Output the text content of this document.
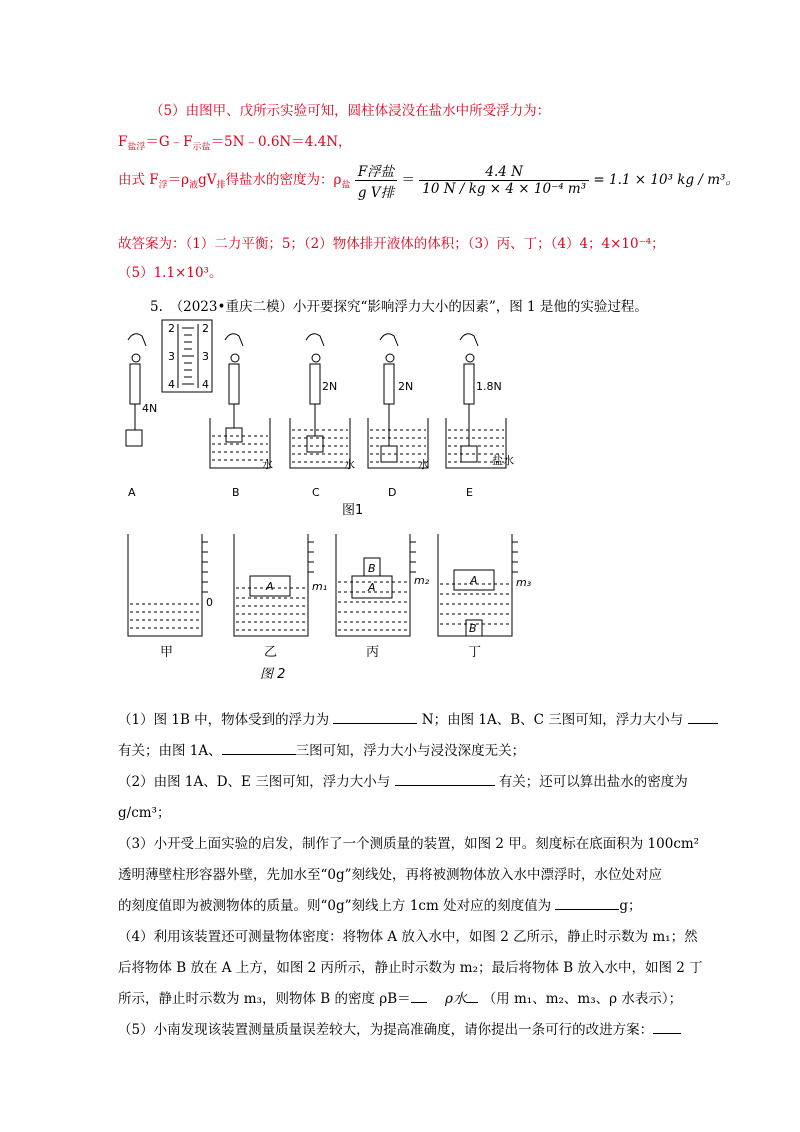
（5）由图甲、戊所示实验可知，圆柱体浸没在盐水中所受浮力为：
$F_{盐浮}=G﹣F_{示盐}=5N﹣0.6N=4.4N$，
由式 $F_浮=\rho_液gV_排$得盐水的密度为：$\rho_盐 \frac{\text{F浮盐}}{\text{g V排}} = \frac{4.4 N}{\text{10 N / kg × 4 × 10⁻⁴ m³}} = 1.1 \times 10^3$ kg / m³。
故答案为：（1）二力平衡；5；（2）物体排开液体的体积；（3）丙、丁；（4）4；4×10⁻⁴；
（5）1.1×10³。
5.　（2023•重庆二模）小开要探究“影响浮力大小的因素”，图 1 是他的实验过程。
2 2
3 3
4 4
4N
2N	2N	1.8N
水	水	水	盐水
A	B	C	D	E
图1
0
m₁	m₂	m₃
A	A
B
A
B
甲	乙	丙	丁
图 2
（1）图 1B 中，物体受到的浮力为	N；由图 1A、B、C 三图可知，浮力大小与
有关；由图 1A、	三图可知，浮力大小与浸没深度无关；
（2）由图 1A、D、E 三图可知，浮力大小与	有关；还可以算出盐水的密度为
g/cm³；
（3）小开受上面实验的启发，制作了一个测质量的装置，如图 2 甲。刻度标在底面积为 100cm²
透明薄壁柱形容器外壁，先加水至“0g”刻线处，再将被测物体放入水中漂浮时，水位处对应
的刻度值即为被测物体的质量。则“0g”刻线上方 1cm 处对应的刻度值为	g；
（4）利用该装置还可测量物体密度：将物体 A 放入水中，如图 2 乙所示，静止时示数为 m₁；然
后将物体 B 放在 A 上方，如图 2 丙所示，静止时示数为 m₂；最后将物体 B 放入水中，如图 2 丁
所示，静止时示数为 m₃，则物体 B 的密度 ρB＝	ρ水 （用 m₁、m₂、m₃、ρ 水表示）；
（5）小南发现该装置测量质量误差较大，为提高准确度，请你提出一条可行的改进方案：
